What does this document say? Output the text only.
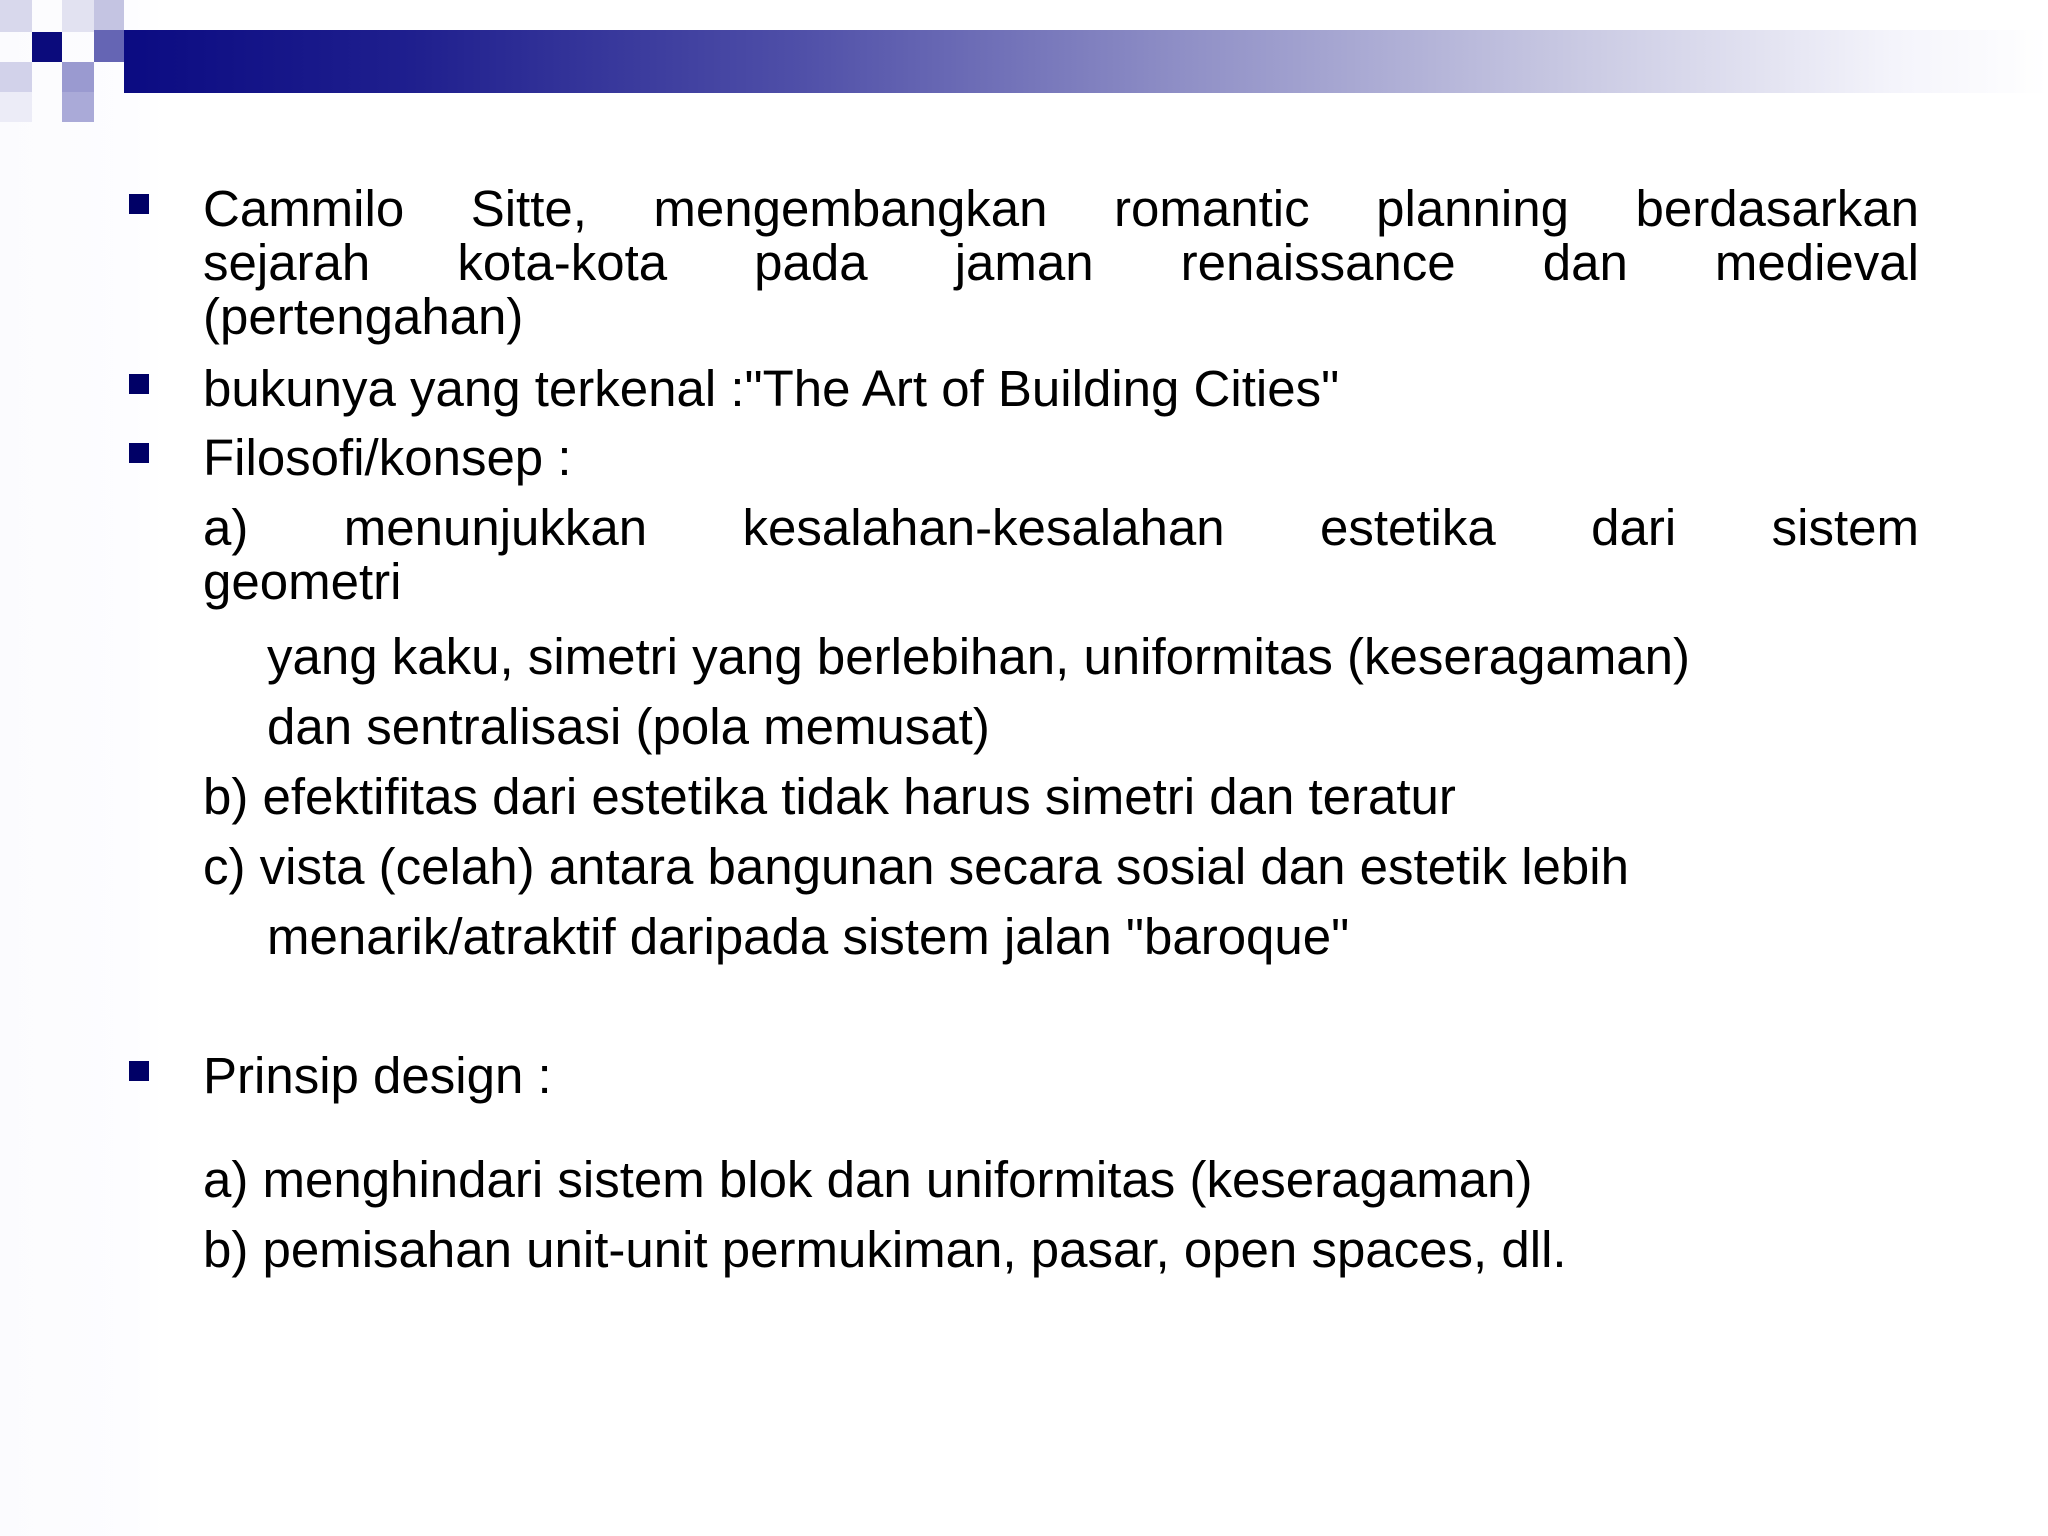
Cammilo Sitte, mengembangkan romantic planning berdasarkan
sejarah kota-kota pada jaman renaissance dan medieval
(pertengahan)
bukunya yang terkenal :"The Art of Building Cities"
Filosofi/konsep :
a) menunjukkan kesalahan-kesalahan estetika dari sistem
geometri
yang kaku, simetri yang berlebihan, uniformitas (keseragaman)
dan sentralisasi (pola memusat)
b) efektifitas dari estetika tidak harus simetri dan teratur
c) vista (celah) antara bangunan secara sosial dan estetik lebih
menarik/atraktif daripada sistem jalan "baroque"
Prinsip design :
a) menghindari sistem blok dan uniformitas (keseragaman)
b) pemisahan unit-unit permukiman, pasar, open spaces, dll.
